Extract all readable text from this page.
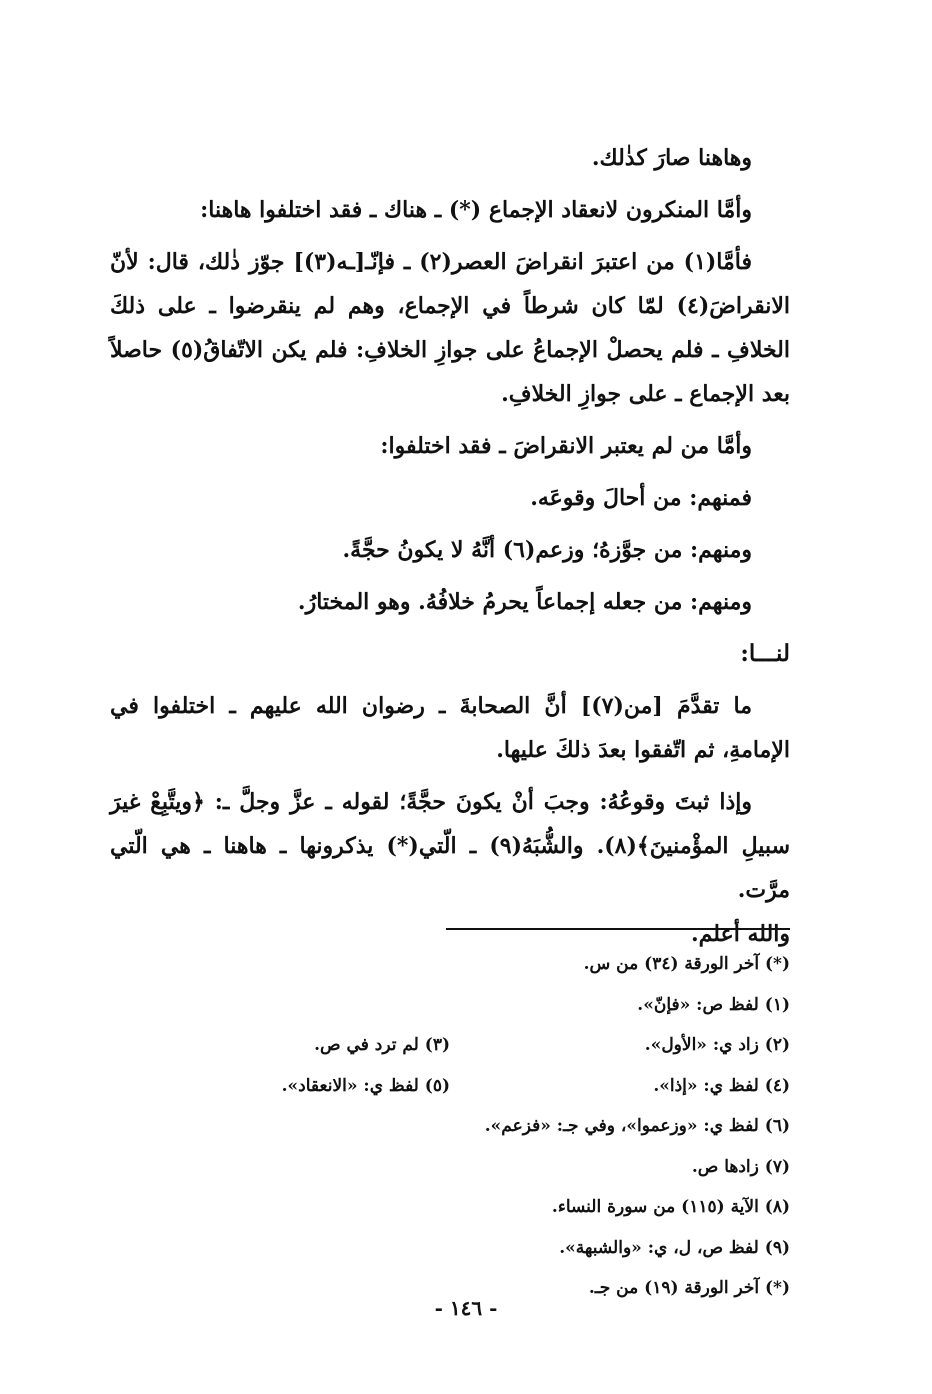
وهاهنا صارَ كذٰلك.

وأمَّا المنكرون لانعقاد الإجماع (*) ـ هناك ـ فقد اختلفوا هاهنا:

فأمَّا(١) من اعتبرَ انقراضَ العصر(٢) ـ فإنّـ[ـه(٣)] جوّز ذٰلك، قال: لأنّ الانقراضَ(٤) لمّا كان شرطاً في الإجماع، وهم لم ينقرضوا ـ على ذلكَ الخلافِ ـ فلم يحصلْ الإجماعُ على جوازِ الخلافِ: فلم يكن الاتّفاقُ(٥) حاصلاً بعد الإجماع ـ على جوازِ الخلافِ.

وأمَّا من لم يعتبر الانقراضَ ـ فقد اختلفوا:

فمنهم: من أحالَ وقوعَه.

ومنهم: من جوَّزهُ؛ وزعم(٦) أنَّهُ لا يكونُ حجَّةً.

ومنهم: من جعله إجماعاً يحرمُ خلافُهُ. وهو المختارُ.

لنـــا:

ما تقدَّمَ [من(٧)] أنَّ الصحابةَ ـ رضوان الله عليهم ـ اختلفوا في الإمامةِ، ثم اتّفقوا بعدَ ذلكَ عليها.

وإذا ثبتَ وقوعُهُ: وجبَ أنْ يكونَ حجَّةً؛ لقوله ـ عزَّ وجلَّ ـ: ﴿ويتَّبِعْ غيرَ سبيلِ المؤْمنينَ﴾(٨). والشُّبَهُ(٩) ـ الّتي(*) يذكرونها ـ هاهنا ـ هي الّتي مرَّت.

والله أعلم.

(*) آخر الورقة (٣٤) من س.
(١) لفظ ص: «فإنّ».
(٢) زاد ي: «الأول».
(٣) لم ترد في ص.
(٤) لفظ ي: «إذا».
(٥) لفظ ي: «الانعقاد».
(٦) لفظ ي: «وزعموا»، وفي جـ: «فزعم».
(٧) زادها ص.
(٨) الآية (١١٥) من سورة النساء.
(٩) لفظ ص، ل، ي: «والشبهة».
(*) آخر الورقة (١٩) من جـ.
- ١٤٦ -
